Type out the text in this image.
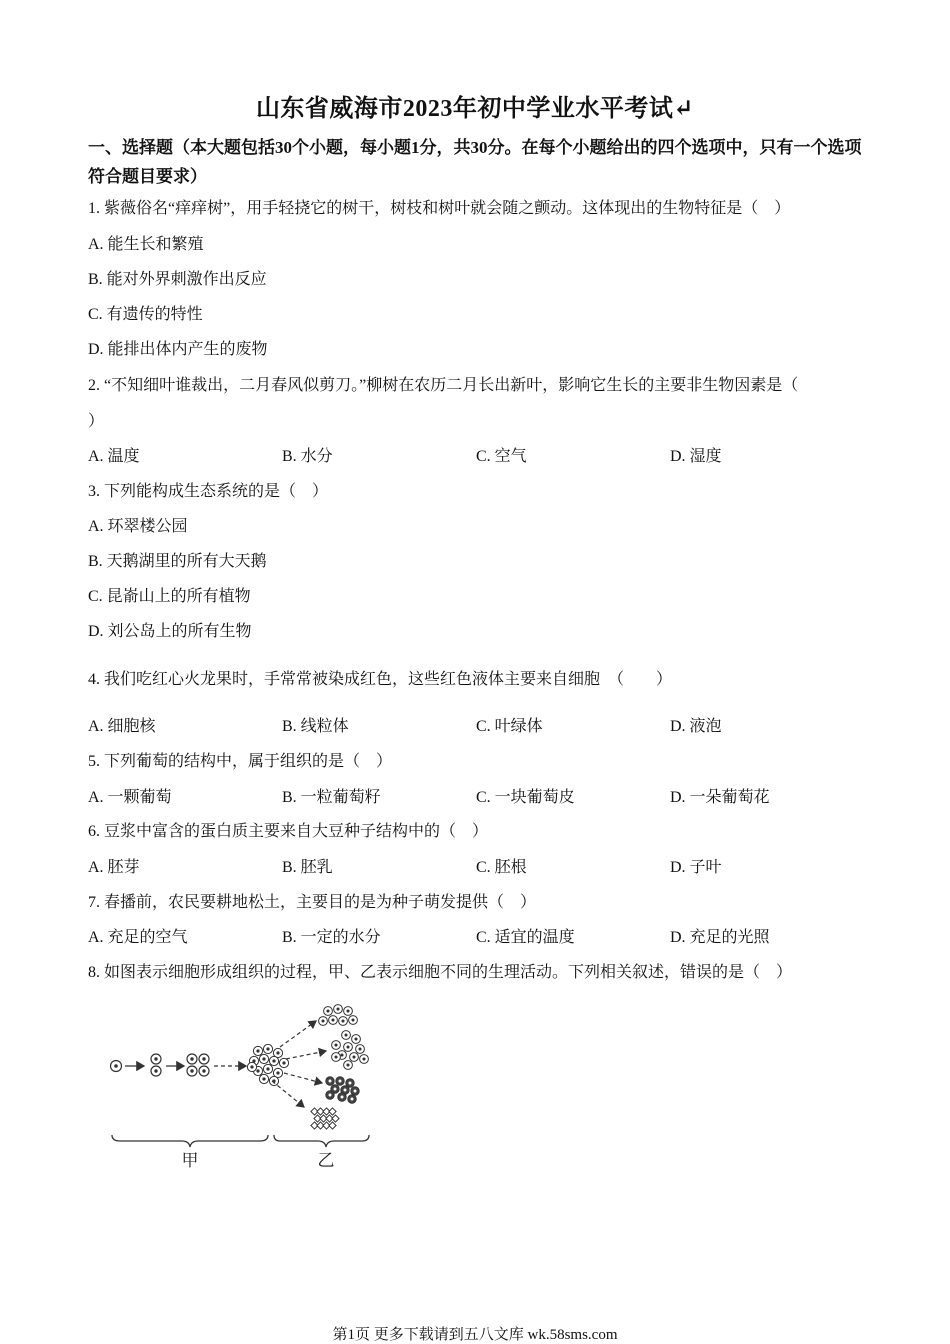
山东省威海市2023年初中学业水平考试↵
一、选择题（本大题包括30个小题，每小题1分，共30分。在每个小题给出的四个选项中，只有一个选项符合题目要求）
1. 紫薇俗名“痒痒树”，用手轻挠它的树干，树枝和树叶就会随之颤动。这体现出的生物特征是（　）
A. 能生长和繁殖
B. 能对外界刺激作出反应
C. 有遗传的特性
D. 能排出体内产生的废物
2. “不知细叶谁裁出，二月春风似剪刀。”柳树在农历二月长出新叶，影响它生长的主要非生物因素是（
）
A. 温度	B. 水分	C. 空气	D. 湿度
3. 下列能构成生态系统的是（　）
A. 环翠楼公园
B. 天鹅湖里的所有大天鹅
C. 昆嵛山上的所有植物
D. 刘公岛上的所有生物
4. 我们吃红心火龙果时，手常常被染成红色，这些红色液体主要来自细胞　（　　）
A. 细胞核	B. 线粒体	C. 叶绿体	D. 液泡
5. 下列葡萄的结构中，属于组织的是（　）
A. 一颗葡萄	B. 一粒葡萄籽	C. 一块葡萄皮	D. 一朵葡萄花
6. 豆浆中富含的蛋白质主要来自大豆种子结构中的（　）
A. 胚芽	B. 胚乳	C. 胚根	D. 子叶
7. 春播前，农民要耕地松土，主要目的是为种子萌发提供（　）
A. 充足的空气	B. 一定的水分	C. 适宜的温度	D. 充足的光照
8. 如图表示细胞形成组织的过程，甲、乙表示细胞不同的生理活动。下列相关叙述，错误的是（　）
甲	乙
第1页 更多下载请到五八文库 wk.58sms.com
